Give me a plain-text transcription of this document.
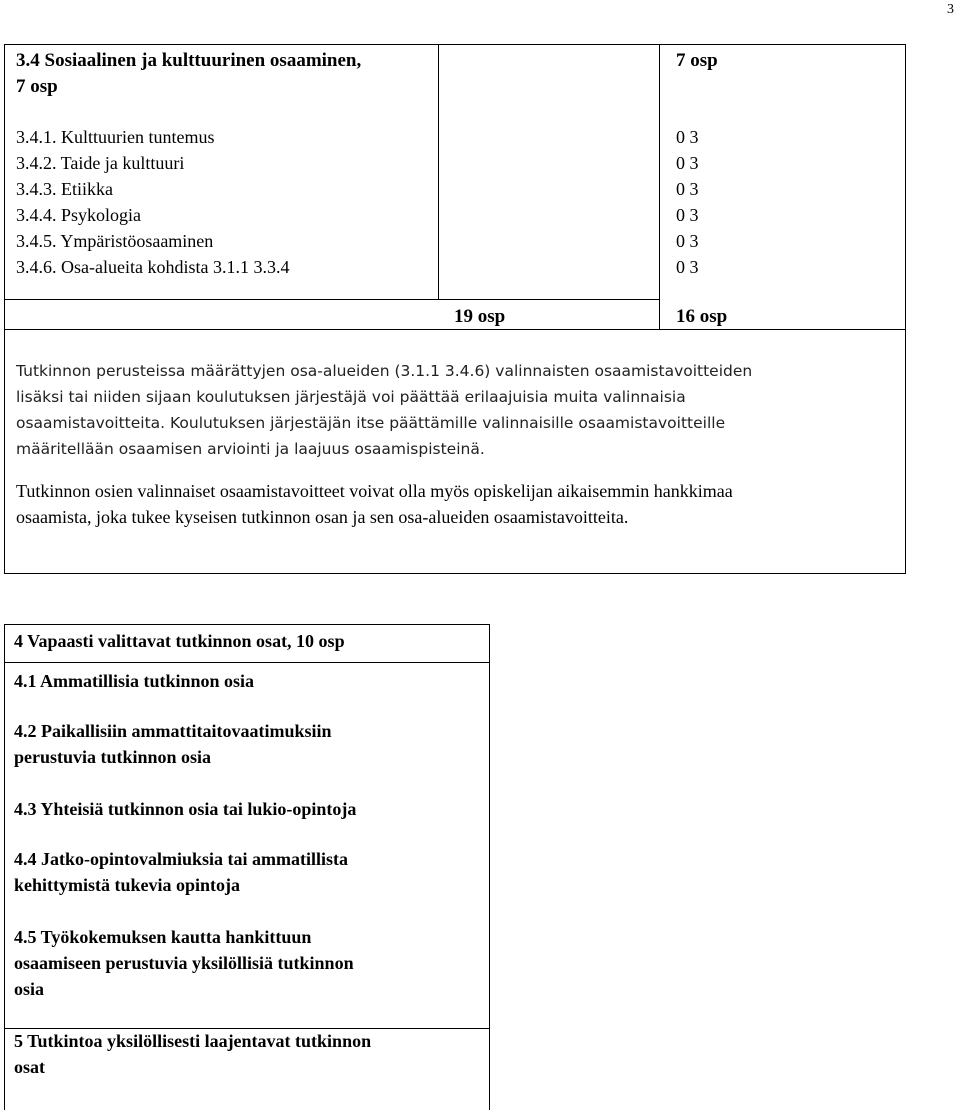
3
3.4 Sosiaalinen ja kulttuurinen osaaminen,
7 osp
7 osp
3.4.1. Kulttuurien tuntemus
3.4.2. Taide ja kulttuuri
3.4.3. Etiikka
3.4.4. Psykologia
3.4.5. Ympäristöosaaminen
3.4.6. Osa-alueita kohdista 3.1.1 3.3.4
0 3
0 3
0 3
0 3
0 3
0 3
19 osp	16 osp
Tutkinnon perusteissa määrättyjen osa-alueiden (3.1.1 3.4.6) valinnaisten osaamistavoitteiden
lisäksi tai niiden sijaan koulutuksen järjestäjä voi päättää erilaajuisia muita valinnaisia
osaamistavoitteita. Koulutuksen järjestäjän itse päättämille valinnaisille osaamistavoitteille
määritellään osaamisen arviointi ja laajuus osaamispisteinä.
Tutkinnon osien valinnaiset osaamistavoitteet voivat olla myös opiskelijan aikaisemmin hankkimaa
osaamista, joka tukee kyseisen tutkinnon osan ja sen osa-alueiden osaamistavoitteita.
4 Vapaasti valittavat tutkinnon osat, 10 osp
4.1 Ammatillisia tutkinnon osia
4.2 Paikallisiin ammattitaitovaatimuksiin
perustuvia tutkinnon osia
4.3 Yhteisiä tutkinnon osia tai lukio-opintoja
4.4 Jatko-opintovalmiuksia tai ammatillista
kehittymistä tukevia opintoja
4.5 Työkokemuksen kautta hankittuun
osaamiseen perustuvia yksilöllisiä tutkinnon
osia
5 Tutkintoa yksilöllisesti laajentavat tutkinnon
osat
